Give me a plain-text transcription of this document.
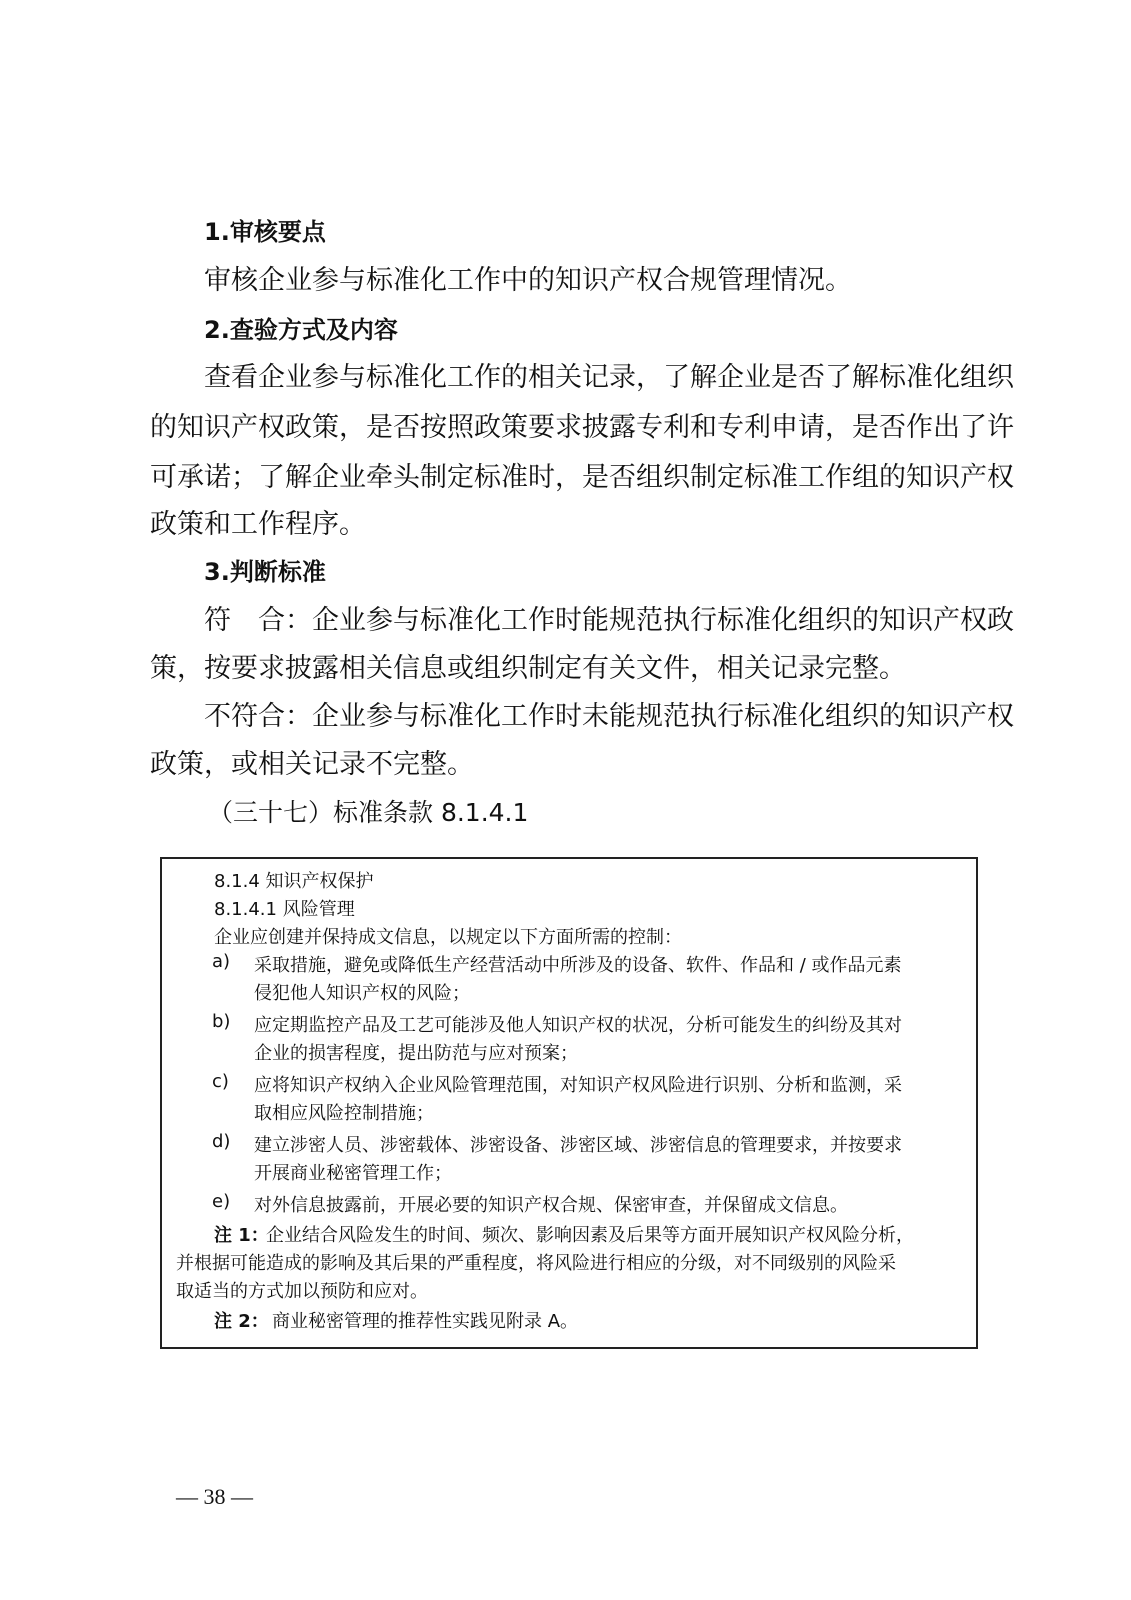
1.审核要点
审核企业参与标准化工作中的知识产权合规管理情况。
2.查验方式及内容
查看企业参与标准化工作的相关记录，了解企业是否了解标准化组织
的知识产权政策，是否按照政策要求披露专利和专利申请，是否作出了许
可承诺；了解企业牵头制定标准时，是否组织制定标准工作组的知识产权
政策和工作程序。
3.判断标准
符　合：企业参与标准化工作时能规范执行标准化组织的知识产权政
策，按要求披露相关信息或组织制定有关文件，相关记录完整。
不符合：企业参与标准化工作时未能规范执行标准化组织的知识产权
政策，或相关记录不完整。
（三十七）标准条款 8.1.4.1
8.1.4 知识产权保护
8.1.4.1 风险管理
企业应创建并保持成文信息，以规定以下方面所需的控制：
a) 采取措施，避免或降低生产经营活动中所涉及的设备、软件、作品和 / 或作品元素
侵犯他人知识产权的风险；
b) 应定期监控产品及工艺可能涉及他人知识产权的状况，分析可能发生的纠纷及其对
企业的损害程度，提出防范与应对预案；
c) 应将知识产权纳入企业风险管理范围，对知识产权风险进行识别、分析和监测，采
取相应风险控制措施；
d) 建立涉密人员、涉密载体、涉密设备、涉密区域、涉密信息的管理要求，并按要求
开展商业秘密管理工作；
e) 对外信息披露前，开展必要的知识产权合规、保密审查，并保留成文信息。
注 1：
企业结合风险发生的时间、频次、影响因素及后果等方面开展知识产权风险分析，
并根据可能造成的影响及其后果的严重程度，将风险进行相应的分级，对不同级别的风险采
取适当的方式加以预防和应对。
注 2： 商业秘密管理的推荐性实践见附录 A。
— 38 —
